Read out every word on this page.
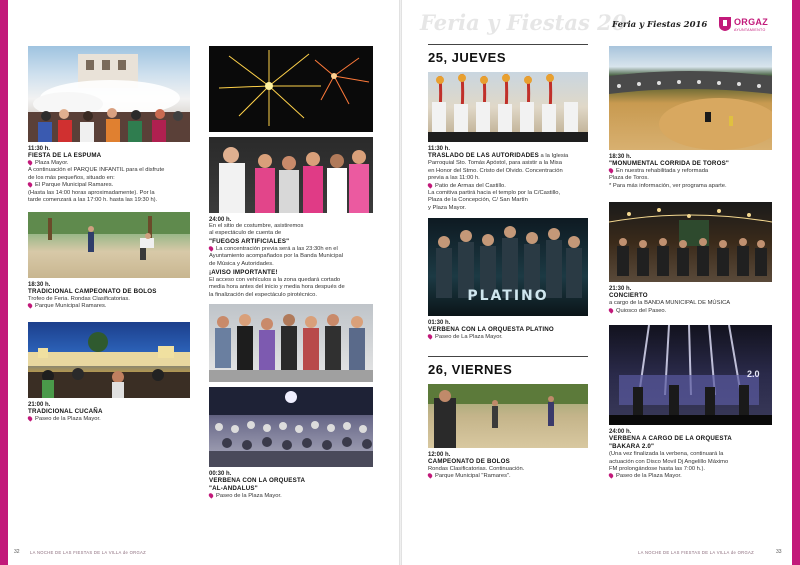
11:30 h.
FIESTA DE LA ESPUMA
Plaza Mayor.
A continuación el PARQUE INFANTIL para el disfrute
de los más pequeños, situado en:
El Parque Municipal Ramares.
(Hasta las 14:00 horas aproximadamente). Por la
tarde comenzará a las 17:00 h. hasta las 19:30 h).
18:30 h.
TRADICIONAL CAMPEONATO DE BOLOS
Trofeo de Feria. Rondas Clasificatorias.
Parque Municipal Ramares.
21:00 h.
TRADICIONAL CUCAÑA
Paseo de la Plaza Mayor.
24:00 h.
En el sitio de costumbre, asistiremos
al espectáculo de cuenta de
"FUEGOS ARTIFICIALES"
La concentración previa será a las 23:30h en el
Ayuntamiento acompañados por la Banda Municipal
de Música y Autoridades.
¡AVISO IMPORTANTE!
El acceso con vehículos a la zona quedará cortado
media hora antes del inicio y media hora después de
la finalización del espectáculo pirotécnico.
00:30 h.
VERBENA CON LA ORQUESTA
"AL-ANDALUS"
Paseo de la Plaza Mayor.
32 LA NOCHE DE LAS FIESTAS DE LA VILLA de ORGAZ
Feria y Fiestas 20
Feria y Fiestas 2016	ORGAZ
AYUNTAMIENTO
25, JUEVES
11:30 h.
TRASLADO DE LAS AUTORIDADES a la Iglesia
Parroquial Sto. Tomás Apóstol, para asistir a la Misa
en Honor del Stmo. Cristo del Olvido. Concentración
previa a las 11:00 h.
Patio de Armas del Castillo.
La comitiva partirá hacia el templo por la C/Castillo,
Plaza de la Concepción, C/ San Martín
y Plaza Mayor.
PLATINO
01:30 h.
VERBENA CON LA ORQUESTA PLATINO
Paseo de La Plaza Mayor.
26, VIERNES
12:00 h.
CAMPEONATO DE BOLOS
Rondas Clasificatorias. Continuación.
Parque Municipal "Ramares".
18:30 h.
"MONUMENTAL CORRIDA DE TOROS"
En nuestra rehabilitada y reformada
Plaza de Toros.
* Para más información, ver programa aparte.
21:30 h.
CONCIERTO
a cargo de la BANDA MUNICIPAL DE MÚSICA
Quiosco del Paseo.
2.0
24:00 h.
VERBENA A CARGO DE LA ORQUESTA
"BAKARA 2.0"
(Una vez finalizada la verbena, continuará la
actuación con Disco Movil Dj Angelillo Máximo
FM prolongándose hasta las 7:00 h.).
Paseo de la Plaza Mayor.
LA NOCHE DE LAS FIESTAS DE LA VILLA de ORGAZ	33
